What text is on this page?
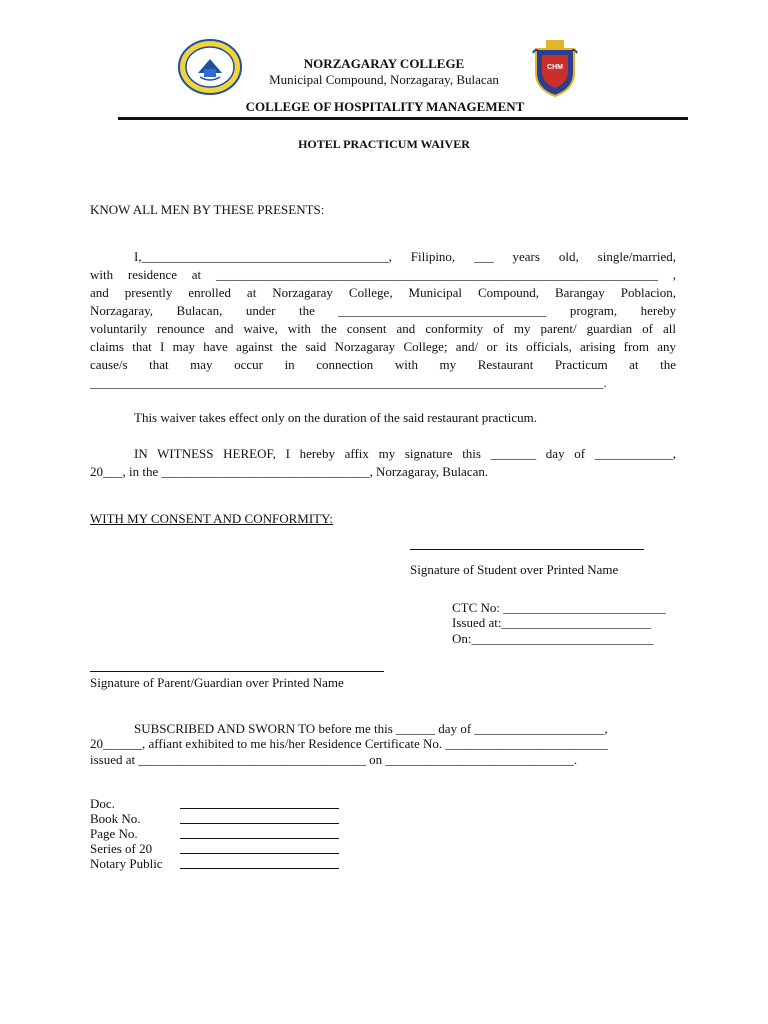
CHM
NORZAGARAY COLLEGE
Municipal Compound, Norzagaray, Bulacan
COLLEGE OF HOSPITALITY MANAGEMENT
HOTEL PRACTICUM WAIVER
KNOW ALL MEN BY THESE PRESENTS:
I,______________________________________, Filipino, ___ years old, single/married,
with residence at ____________________________________________________________________ ,
and presently enrolled at Norzagaray College, Municipal Compound, Barangay Poblacion,
Norzagaray, Bulacan, under the ________________________________ program, hereby
voluntarily renounce and waive, with the consent and conformity of my parent/ guardian of all
claims that I may have against the said Norzagaray College; and/ or its officials, arising from any
cause/s that may occur in connection with my Restaurant Practicum at the
_______________________________________________________________________________.
This waiver takes effect only on the duration of the said restaurant practicum.
IN WITNESS HEREOF, I hereby affix my signature this _______ day of ____________,
20___, in the ________________________________, Norzagaray, Bulacan.
WITH MY CONSENT AND CONFORMITY:
Signature of Student over Printed Name
CTC No: _________________________
Issued at:_______________________
On:____________________________
Signature of Parent/Guardian over Printed Name
SUBSCRIBED AND SWORN TO before me this ______ day of ____________________,
20______, affiant exhibited to me his/her Residence Certificate No. _________________________
issued at ___________________________________ on _____________________________.
Doc.
Book No.
Page No.
Series of 20
Notary Public
